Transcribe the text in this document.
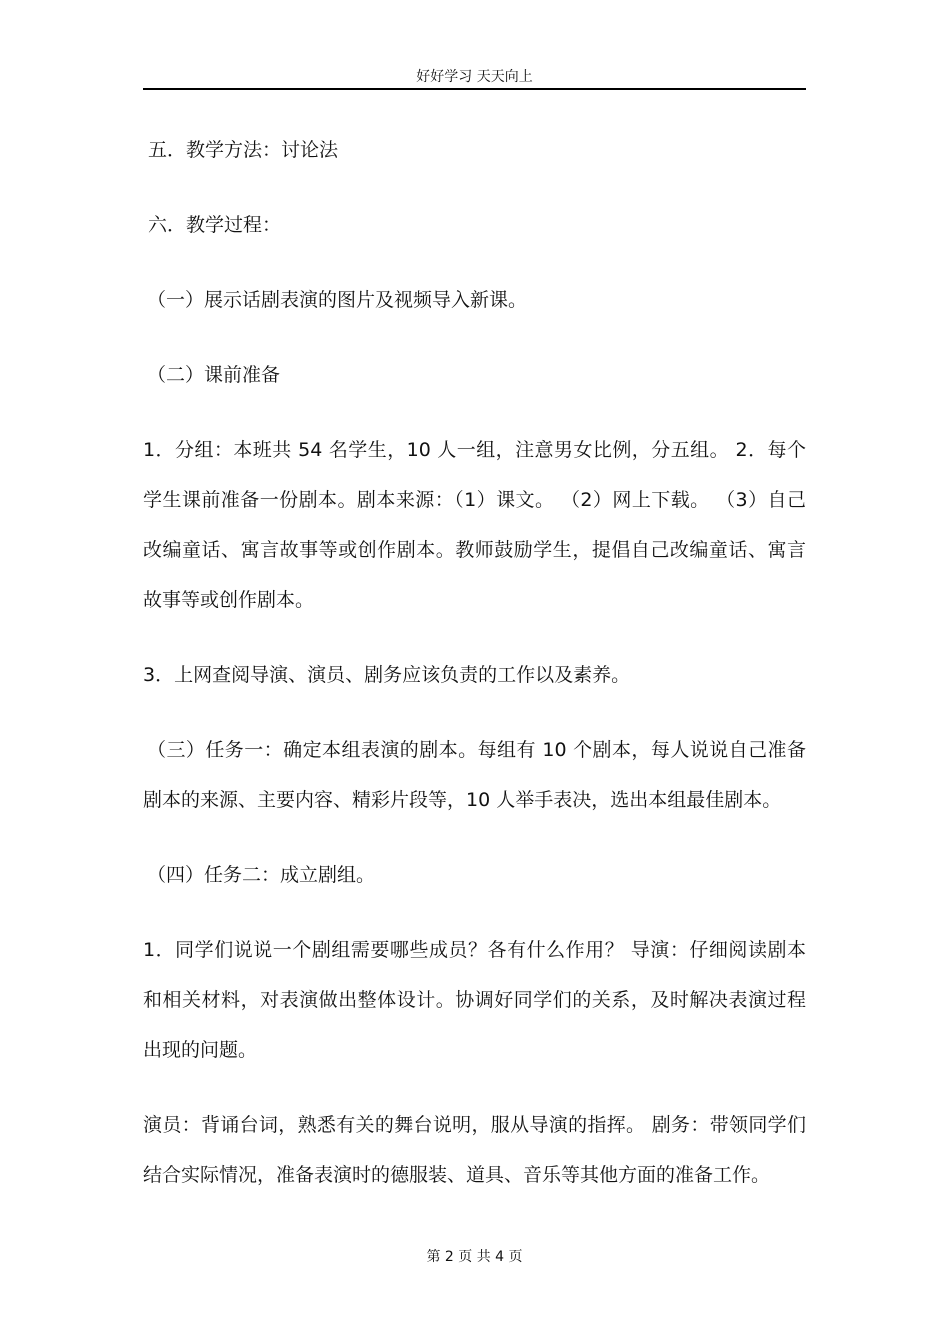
好好学习 天天向上

五．教学方法：讨论法

六．教学过程：

（一）展示话剧表演的图片及视频导入新课。

（二）课前准备

1．分组：本班共 54 名学生，10 人一组，注意男女比例，分五组。 2．每个学生课前准备一份剧本。剧本来源：（1）课文。 （2）网上下载。 （3）自己改编童话、寓言故事等或创作剧本。教师鼓励学生，提倡自己改编童话、寓言故事等或创作剧本。

3．上网查阅导演、演员、剧务应该负责的工作以及素养。

（三）任务一：确定本组表演的剧本。每组有 10 个剧本，每人说说自己准备剧本的来源、主要内容、精彩片段等，10 人举手表决，选出本组最佳剧本。

（四）任务二：成立剧组。

1．同学们说说一个剧组需要哪些成员？各有什么作用？ 导演：仔细阅读剧本和相关材料，对表演做出整体设计。协调好同学们的关系，及时解决表演过程出现的问题。

演员：背诵台词，熟悉有关的舞台说明，服从导演的指挥。 剧务：带领同学们结合实际情况，准备表演时的德服装、道具、音乐等其他方面的准备工作。

第 2 页 共 4 页
